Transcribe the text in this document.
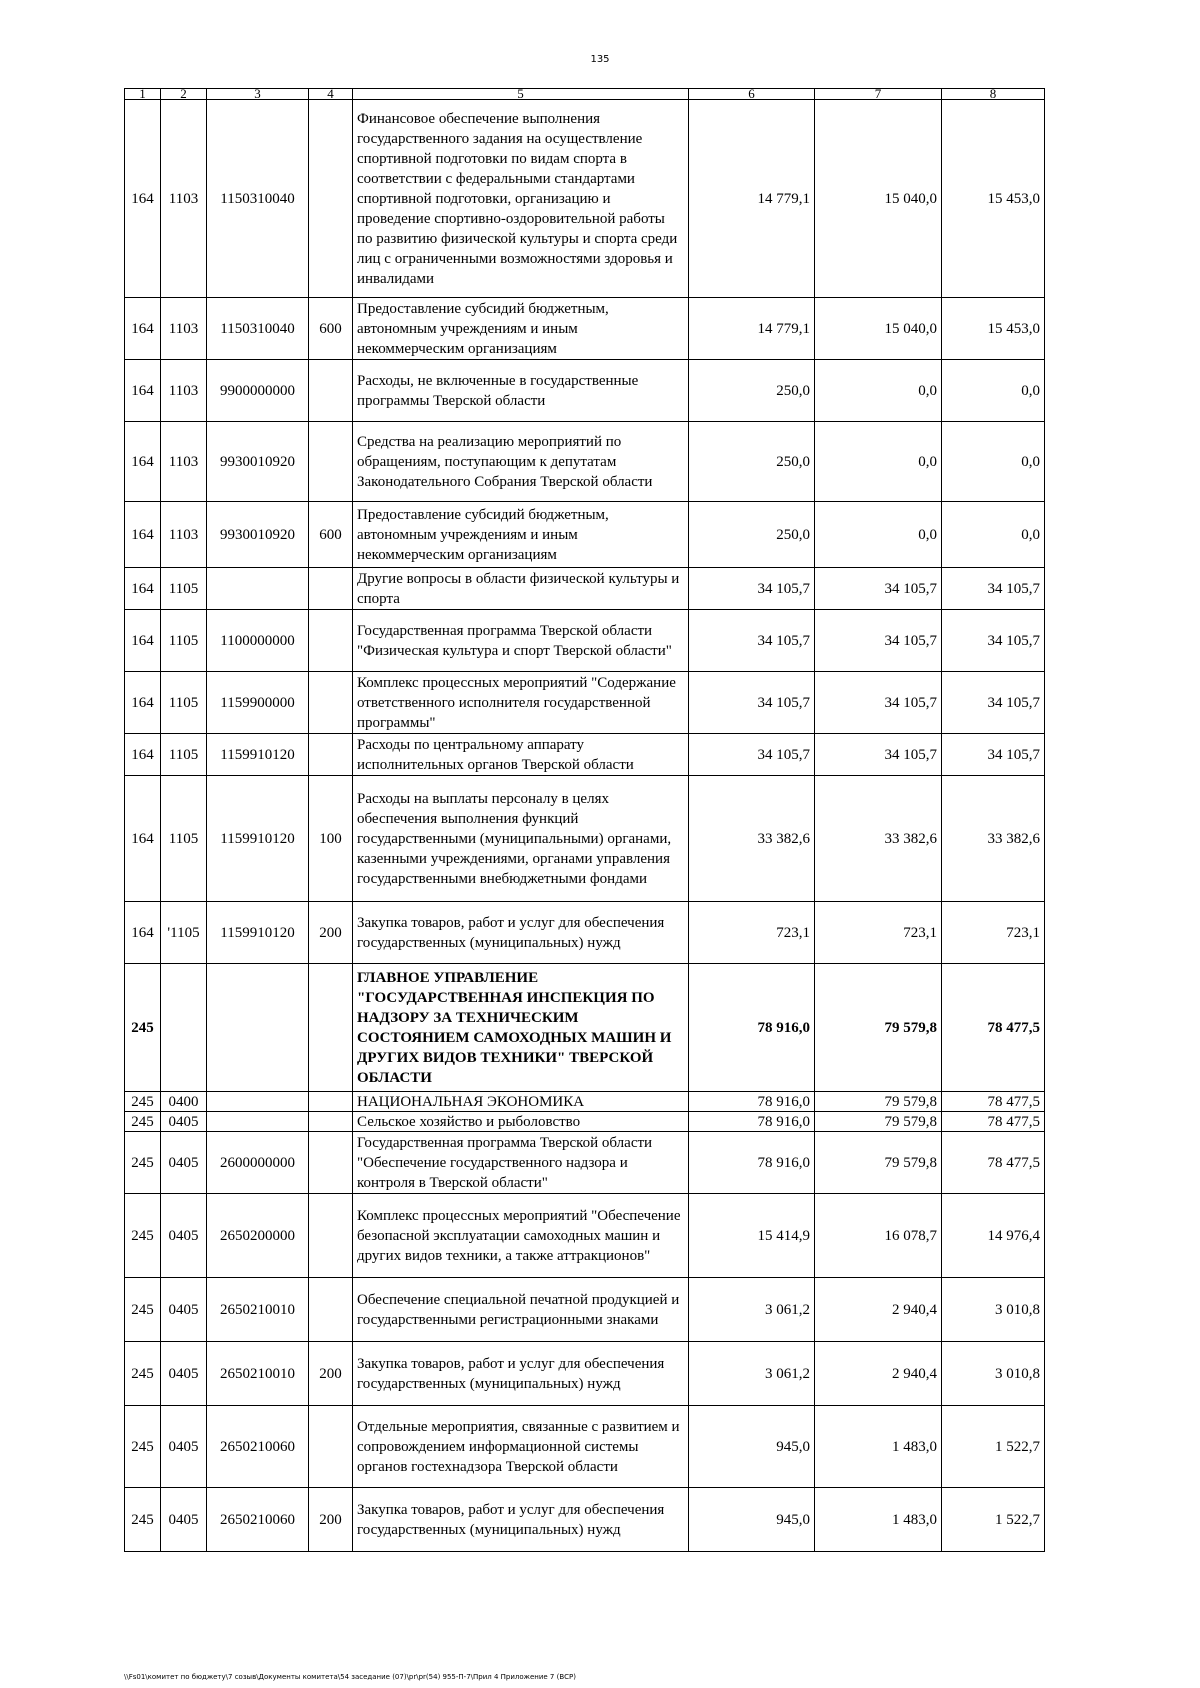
135
1	2	3	4	5	6	7	8
164	1103	1150310040		Финансовое обеспечение выполнения государственного задания на осуществление спортивной подготовки по видам спорта в соответствии с федеральными стандартами спортивной подготовки, организацию и проведение спортивно-оздоровительной работы по развитию физической культуры и спорта среди лиц с ограниченными возможностями здоровья и инвалидами	14 779,1	15 040,0	15 453,0
164	1103	1150310040	600	Предоставление субсидий бюджетным, автономным учреждениям и иным некоммерческим организациям	14 779,1	15 040,0	15 453,0
164	1103	9900000000		Расходы, не включенные в государственные программы Тверской области	250,0	0,0	0,0
164	1103	9930010920		Средства на реализацию мероприятий по обращениям, поступающим к депутатам Законодательного Собрания Тверской области	250,0	0,0	0,0
164	1103	9930010920	600	Предоставление субсидий бюджетным, автономным учреждениям и иным некоммерческим организациям	250,0	0,0	0,0
164	1105			Другие вопросы в области физической культуры и спорта	34 105,7	34 105,7	34 105,7
164	1105	1100000000		Государственная программа Тверской области "Физическая культура и спорт Тверской области"	34 105,7	34 105,7	34 105,7
164	1105	1159900000		Комплекс процессных мероприятий "Содержание ответственного исполнителя государственной программы"	34 105,7	34 105,7	34 105,7
164	1105	1159910120		Расходы по центральному аппарату исполнительных органов Тверской области	34 105,7	34 105,7	34 105,7
164	1105	1159910120	100	Расходы на выплаты персоналу в целях обеспечения выполнения функций государственными (муниципальными) органами, казенными учреждениями, органами управления государственными внебюджетными фондами	33 382,6	33 382,6	33 382,6
164	'1105	1159910120	200	Закупка товаров, работ и услуг для обеспечения государственных (муниципальных) нужд	723,1	723,1	723,1
245				ГЛАВНОЕ УПРАВЛЕНИЕ "ГОСУДАРСТВЕННАЯ ИНСПЕКЦИЯ ПО НАДЗОРУ ЗА ТЕХНИЧЕСКИМ СОСТОЯНИЕМ САМОХОДНЫХ МАШИН И ДРУГИХ ВИДОВ ТЕХНИКИ" ТВЕРСКОЙ ОБЛАСТИ	78 916,0	79 579,8	78 477,5
245	0400			НАЦИОНАЛЬНАЯ ЭКОНОМИКА	78 916,0	79 579,8	78 477,5
245	0405			Сельское хозяйство и рыболовство	78 916,0	79 579,8	78 477,5
245	0405	2600000000		Государственная программа Тверской области "Обеспечение государственного надзора и контроля в Тверской области"	78 916,0	79 579,8	78 477,5
245	0405	2650200000		Комплекс процессных мероприятий "Обеспечение безопасной эксплуатации самоходных машин и других видов техники, а также аттракционов"	15 414,9	16 078,7	14 976,4
245	0405	2650210010		Обеспечение специальной печатной продукцией и государственными регистрационными знаками	3 061,2	2 940,4	3 010,8
245	0405	2650210010	200	Закупка товаров, работ и услуг для обеспечения государственных (муниципальных) нужд	3 061,2	2 940,4	3 010,8
245	0405	2650210060		Отдельные мероприятия, связанные с развитием и сопровождением информационной системы органов гостехнадзора Тверской области	945,0	1 483,0	1 522,7
245	0405	2650210060	200	Закупка товаров, работ и услуг для обеспечения государственных (муниципальных) нужд	945,0	1 483,0	1 522,7
\\Fs01\комитет по бюджету\7 созыв\Документы комитета\54 заседание (07)\pr\pr(54) 955-П-7\Прил 4 Приложение 7 (ВСР)
